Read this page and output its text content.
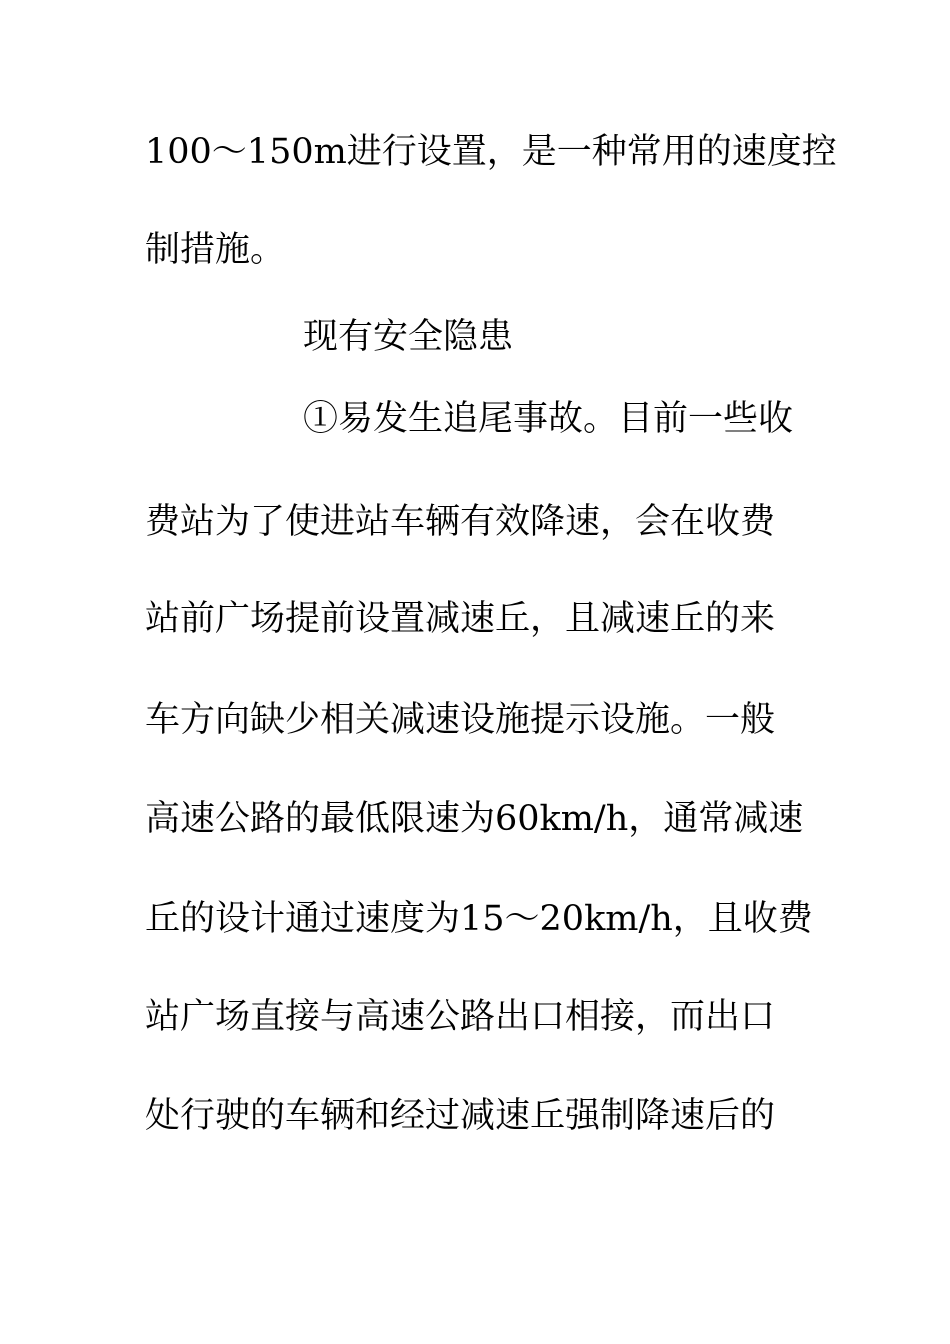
100～150m进行设置，是一种常用的速度控
制措施。
现有安全隐患
①易发生追尾事故。目前一些收
费站为了使进站车辆有效降速，会在收费
站前广场提前设置减速丘，且减速丘的来
车方向缺少相关减速设施提示设施。一般
高速公路的最低限速为60km/h，通常减速
丘的设计通过速度为15～20km/h，且收费
站广场直接与高速公路出口相接，而出口
处行驶的车辆和经过减速丘强制降速后的
